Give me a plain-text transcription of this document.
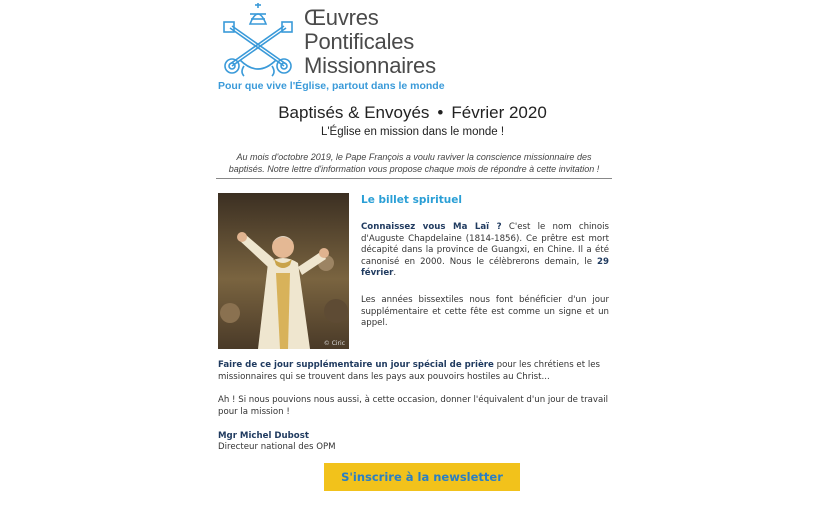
Œuvres
Pontificales
Missionnaires
Pour que vive l'Église, partout dans le monde
Baptisés & Envoyés • Février 2020
L'Église en mission dans le monde !
Au mois d'octobre 2019, le Pape François a voulu raviver la conscience missionnaire des baptisés. Notre lettre d'information vous propose chaque mois de répondre à cette invitation !
© Ciric
Le billet spirituel
Connaissez vous Ma Laï ? C'est le nom chinois d'Auguste Chapdelaine (1814-1856). Ce prêtre est mort décapité dans la province de Guangxi, en Chine. Il a été canonisé en 2000. Nous le célèbrerons demain, le 29 février.
Les années bissextiles nous font bénéficier d'un jour supplémentaire et cette fête est comme un signe et un appel.
Faire de ce jour supplémentaire un jour spécial de prière pour les chrétiens et les missionnaires qui se trouvent dans les pays aux pouvoirs hostiles au Christ...
Ah ! Si nous pouvions nous aussi, à cette occasion, donner l'équivalent d'un jour de travail pour la mission !
Mgr Michel Dubost
Directeur national des OPM
S'inscrire à la newsletter
